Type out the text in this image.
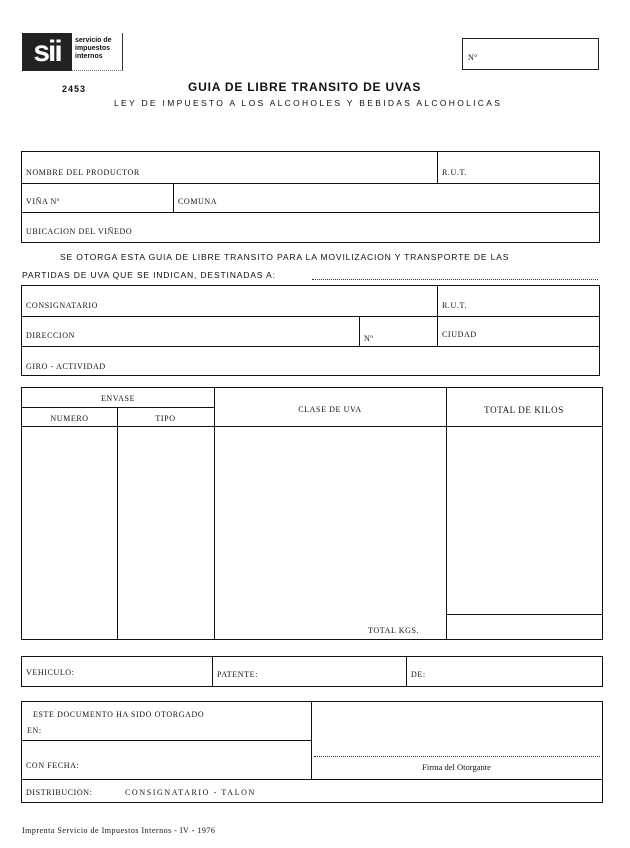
sii	servicio de impuestos internos	Nº
2453	GUIA DE LIBRE TRANSITO DE UVAS
LEY DE IMPUESTO A LOS ALCOHOLES Y BEBIDAS ALCOHOLICAS
NOMBRE DEL PRODUCTOR	R.U.T.
VIÑA Nº	COMUNA
UBICACION DEL VIÑEDO
SE OTORGA ESTA GUIA DE LIBRE TRANSITO PARA LA MOVILIZACION Y TRANSPORTE DE LAS
PARTIDAS DE UVA QUE SE INDICAN, DESTINADAS A:
CONSIGNATARIO	R.U.T.
DIRECCION	Nº	CIUDAD
GIRO - ACTIVIDAD
ENVASE
NUMERO	TIPO
CLASE DE UVA	TOTAL DE KILOS
TOTAL KGS.
VEHICULO:	PATENTE:	DE:
ESTE DOCUMENTO HA SIDO OTORGADO
EN:
CON FECHA:	Firma del Otorgante
DISTRIBUCION:	CONSIGNATARIO - TALON
Imprenta Servicio de Impuestos Internos - IV - 1976
